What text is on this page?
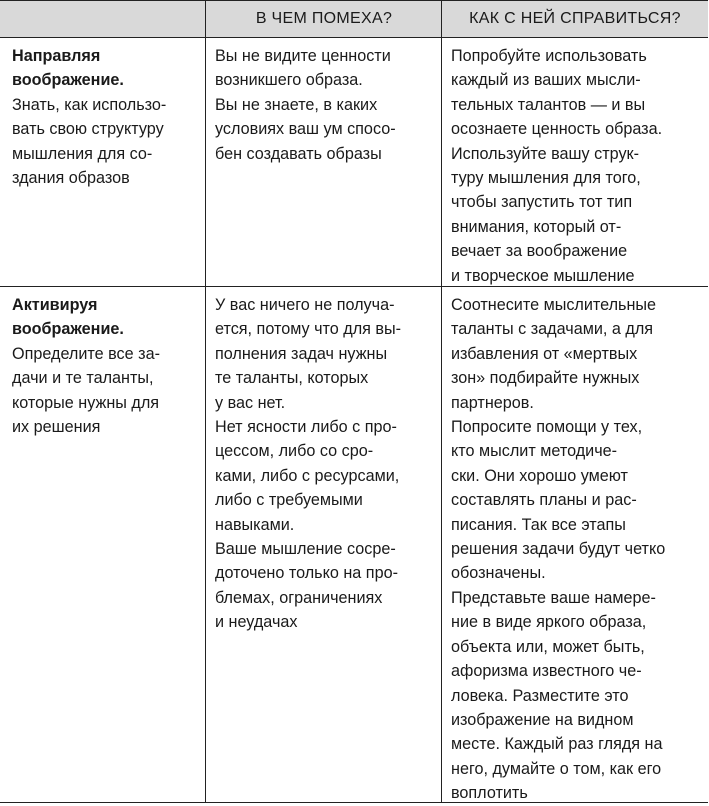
В ЧЕМ ПОМЕХА?	КАК С НЕЙ СПРАВИТЬСЯ?
Направляя
воображение.
Знать, как использо-
вать свою структуру
мышления для со-
здания образов
Вы не видите ценности
возникшего образа.
Вы не знаете, в каких
условиях ваш ум спосо-
бен создавать образы
Попробуйте использовать
каждый из ваших мысли-
тельных талантов — и вы
осознаете ценность образа.
Используйте вашу струк-
туру мышления для того,
чтобы запустить тот тип
внимания, который от-
вечает за воображение
и творческое мышление
Активируя
воображение.
Определите все за-
дачи и те таланты,
которые нужны для
их решения
У вас ничего не получа-
ется, потому что для вы-
полнения задач нужны
те таланты, которых
у вас нет.
Нет ясности либо с про-
цессом, либо со сро-
ками, либо с ресурсами,
либо с требуемыми
навыками.
Ваше мышление сосре-
доточено только на про-
блемах, ограничениях
и неудачах
Соотнесите мыслительные
таланты с задачами, а для
избавления от «мертвых
зон» подбирайте нужных
партнеров.
Попросите помощи у тех,
кто мыслит методиче-
ски. Они хорошо умеют
составлять планы и рас-
писания. Так все этапы
решения задачи будут четко
обозначены.
Представьте ваше намере-
ние в виде яркого образа,
объекта или, может быть,
афоризма известного че-
ловека. Разместите это
изображение на видном
месте. Каждый раз глядя на
него, думайте о том, как его
воплотить
